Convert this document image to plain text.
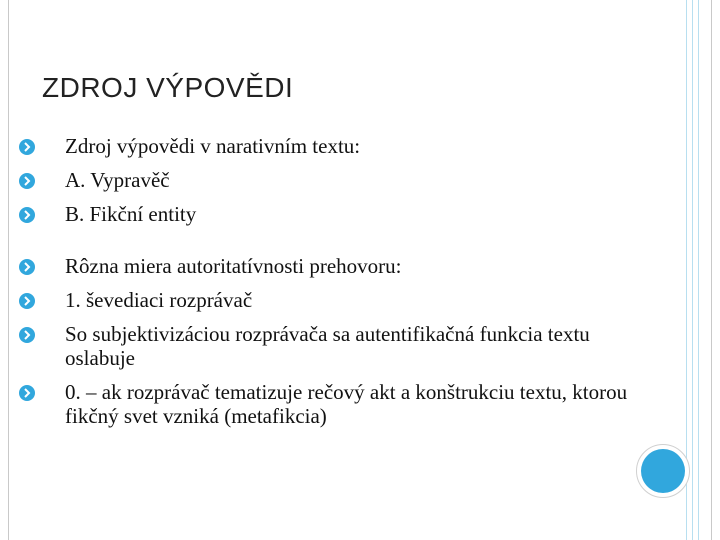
ZDROJ VÝPOVĚDI
Zdroj výpovědi v narativním textu:
A. Vypravěč
B. Fikční entity
Rôzna miera autoritatívnosti prehovoru:
1. ševediaci rozprávač
So subjektivizáciou rozprávača sa autentifikačná funkcia textu oslabuje
0. – ak rozprávač tematizuje rečový akt a konštrukciu textu, ktorou fikčný svet vzniká (metafikcia)
